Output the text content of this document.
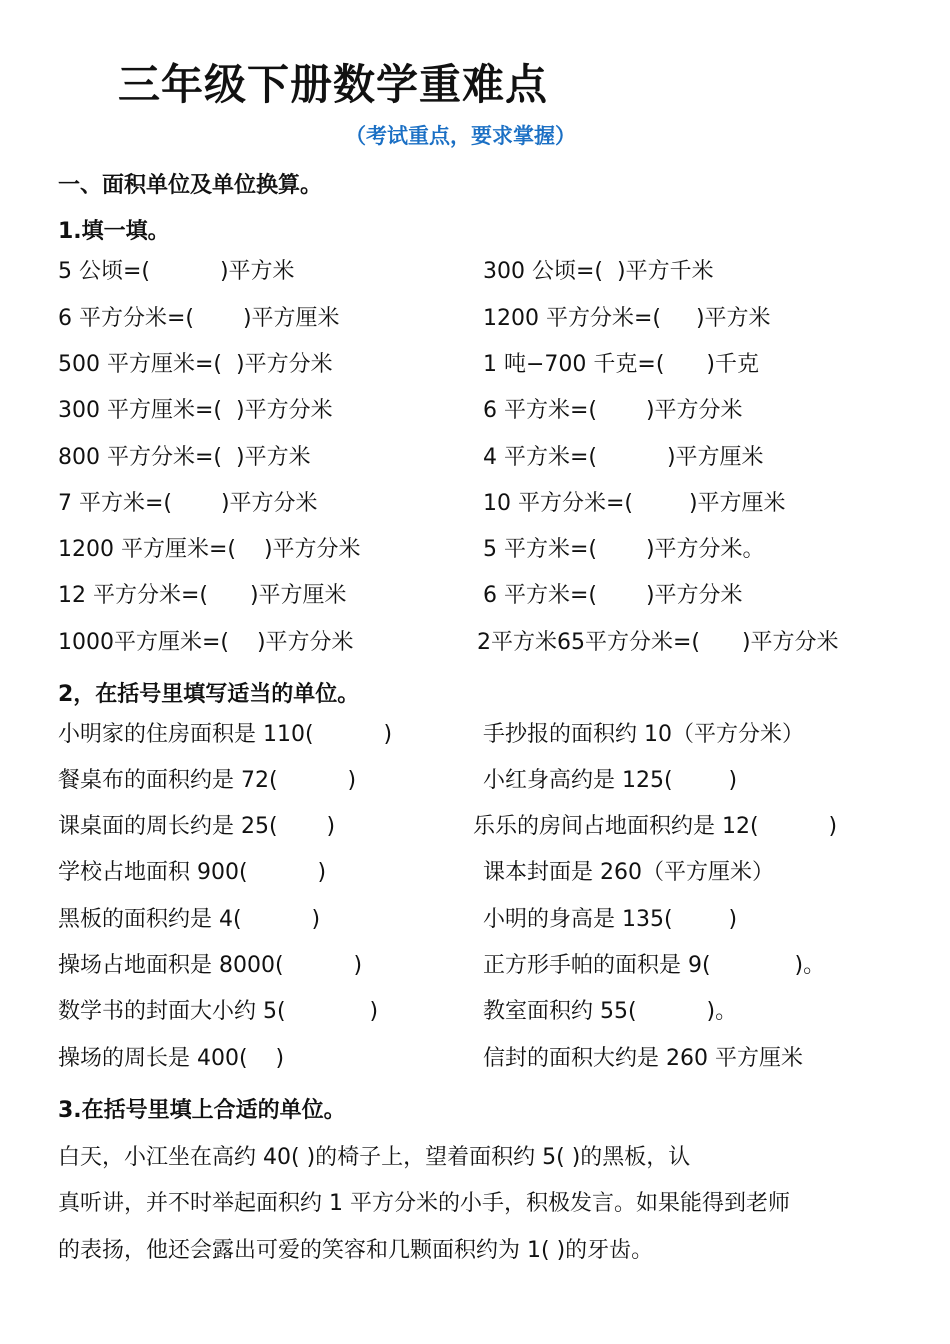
三年级下册数学重难点
（考试重点，要求掌握）
一、面积单位及单位换算。
1.填一填。
5 公顷=(          )平方米	300 公顷=(  )平方千米
6 平方分米=(       )平方厘米	1200 平方分米=(     )平方米
500 平方厘米=(  )平方分米	1 吨−700 千克=(      )千克
300 平方厘米=(  )平方分米	6 平方米=(       )平方分米
800 平方分米=(  )平方米	4 平方米=(          )平方厘米
7 平方米=(       )平方分米	10 平方分米=(        )平方厘米
1200 平方厘米=(    )平方分米	5 平方米=(       )平方分米。
12 平方分米=(      )平方厘米	6 平方米=(       )平方分米
1000平方厘米=(    )平方分米	2平方米65平方分米=(      )平方分米
2，在括号里填写适当的单位。
小明家的住房面积是 110(          )	手抄报的面积约 10（平方分米）
餐桌布的面积约是 72(          )	小红身高约是 125(        )
课桌面的周长约是 25(       )	乐乐的房间占地面积约是 12(          )
学校占地面积 900(          )	课本封面是 260（平方厘米）
黑板的面积约是 4(          )	小明的身高是 135(        )
操场占地面积是 8000(          )	正方形手帕的面积是 9(            )。
数学书的封面大小约 5(            )	教室面积约 55(          )。
操场的周长是 400(    )	信封的面积大约是 260 平方厘米
3.在括号里填上合适的单位。
白天，小江坐在高约 40( )的椅子上，望着面积约 5( )的黑板，认
真听讲，并不时举起面积约 1 平方分米的小手，积极发言。如果能得到老师
的表扬，他还会露出可爱的笑容和几颗面积约为 1( )的牙齿。
